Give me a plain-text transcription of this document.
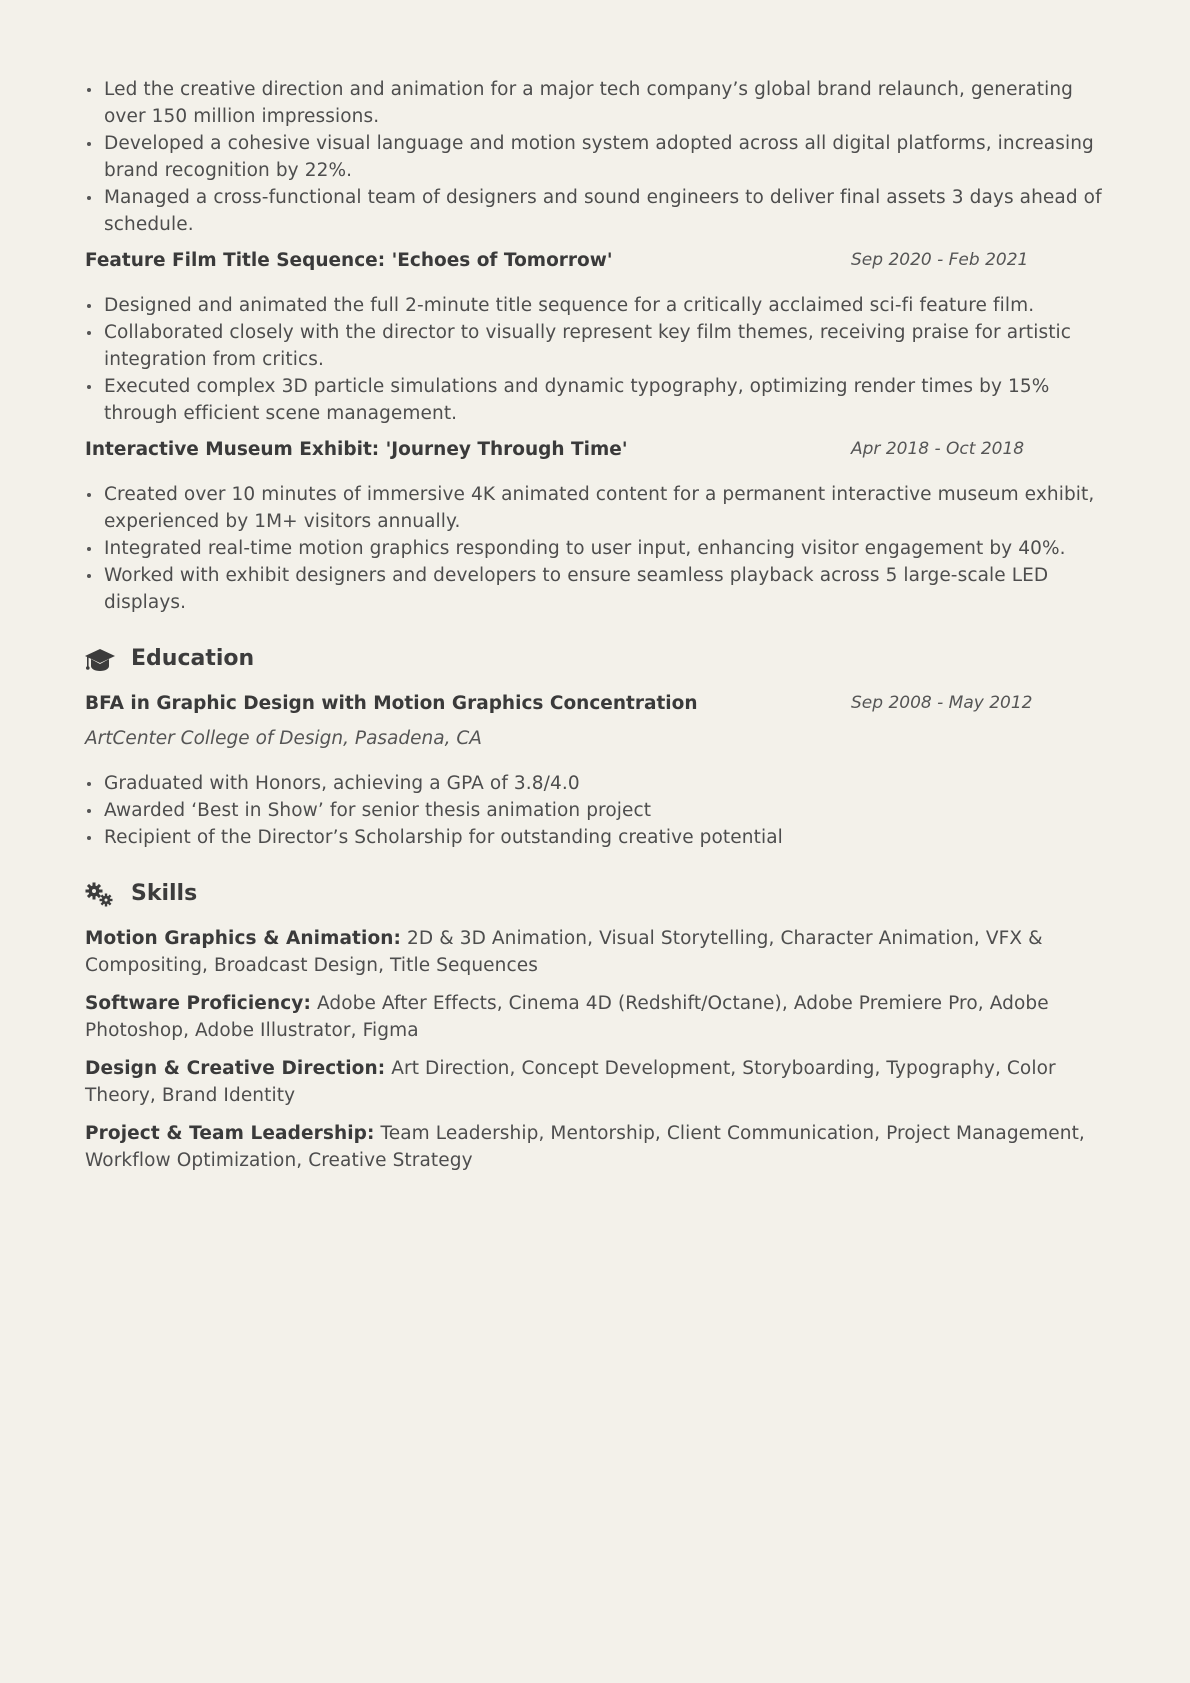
Led the creative direction and animation for a major tech company’s global brand relaunch, generating over 150 million impressions.
Developed a cohesive visual language and motion system adopted across all digital platforms, increasing brand recognition by 22%.
Managed a cross-functional team of designers and sound engineers to deliver final assets 3 days ahead of schedule.
Feature Film Title Sequence: 'Echoes of Tomorrow'	Sep 2020 - Feb 2021
Designed and animated the full 2-minute title sequence for a critically acclaimed sci-fi feature film.
Collaborated closely with the director to visually represent key film themes, receiving praise for artistic integration from critics.
Executed complex 3D particle simulations and dynamic typography, optimizing render times by 15% through efficient scene management.
Interactive Museum Exhibit: 'Journey Through Time'	Apr 2018 - Oct 2018
Created over 10 minutes of immersive 4K animated content for a permanent interactive museum exhibit, experienced by 1M+ visitors annually.
Integrated real-time motion graphics responding to user input, enhancing visitor engagement by 40%.
Worked with exhibit designers and developers to ensure seamless playback across 5 large-scale LED displays.
Education
BFA in Graphic Design with Motion Graphics Concentration	Sep 2008 - May 2012
ArtCenter College of Design, Pasadena, CA
Graduated with Honors, achieving a GPA of 3.8/4.0
Awarded ‘Best in Show’ for senior thesis animation project
Recipient of the Director’s Scholarship for outstanding creative potential
Skills
Motion Graphics & Animation: 2D & 3D Animation, Visual Storytelling, Character Animation, VFX & Compositing, Broadcast Design, Title Sequences
Software Proficiency: Adobe After Effects, Cinema 4D (Redshift/Octane), Adobe Premiere Pro, Adobe Photoshop, Adobe Illustrator, Figma
Design & Creative Direction: Art Direction, Concept Development, Storyboarding, Typography, Color Theory, Brand Identity
Project & Team Leadership: Team Leadership, Mentorship, Client Communication, Project Management, Workflow Optimization, Creative Strategy
